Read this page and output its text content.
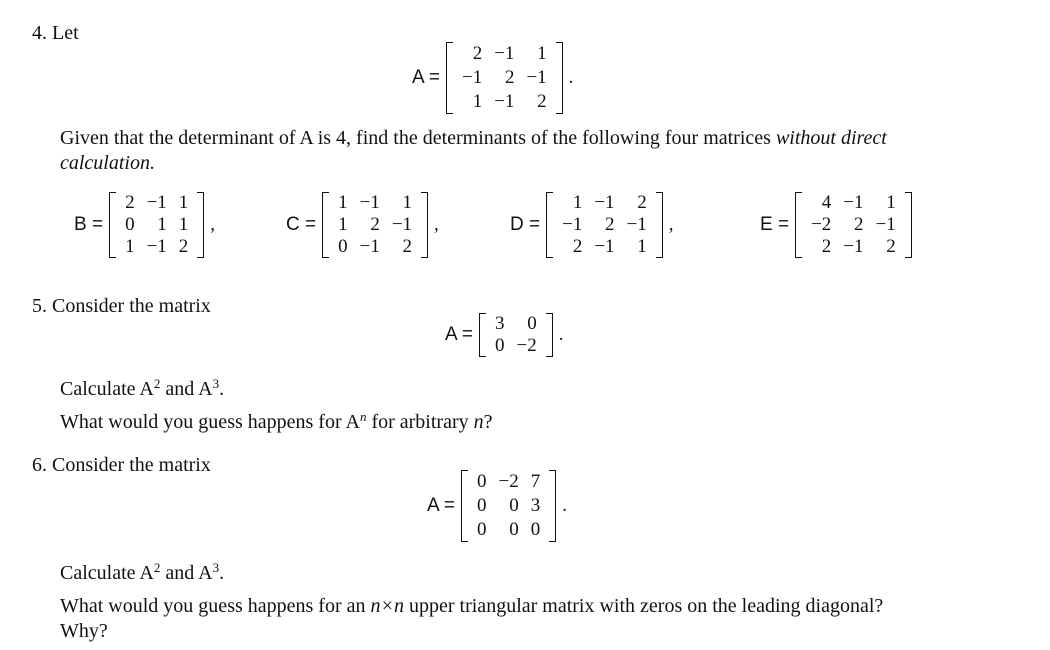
4. Let
A =
2	−1	1
−1	2	−1
1	−1	2
.
Given that the determinant of A is 4, find the determinants of the following four matrices without direct
calculation.
B =
2	−1	1
0	1	1
1	−1	2
,	C =
1	−1	1
1	2	−1
0	−1	2
,	D =
1	−1	2
−1	2	−1
2	−1	1
,	E =
4	−1	1
−2	2	−1
2	−1	2
5. Consider the matrix
A =
3	0
0	−2
.
Calculate $A^2$ and $A^3$.
What would you guess happens for $A^n$ for arbitrary n?
6. Consider the matrix
A =
0	−2	7
0	0	3
0	0	0
.
Calculate $A^2$ and $A^3$.
What would you guess happens for an n×n upper triangular matrix with zeros on the leading diagonal?
Why?
